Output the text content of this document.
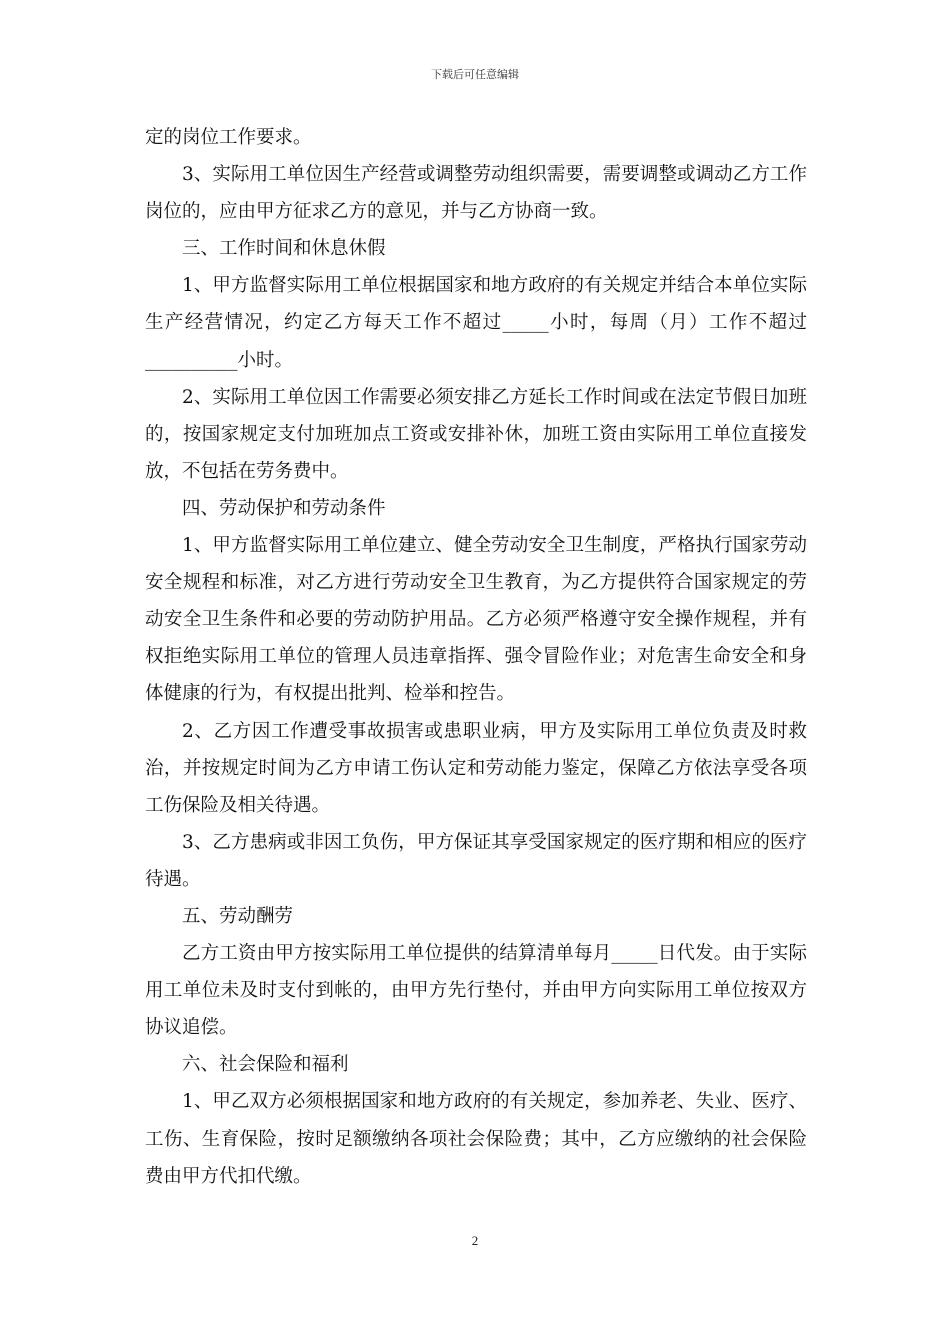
下载后可任意编辑

定的岗位工作要求。

3、实际用工单位因生产经营或调整劳动组织需要，需要调整或调动乙方工作岗位的，应由甲方征求乙方的意见，并与乙方协商一致。

三、工作时间和休息休假

1、甲方监督实际用工单位根据国家和地方政府的有关规定并结合本单位实际生产经营情况，约定乙方每天工作不超过_____小时，每周（月）工作不超过__________小时。

2、实际用工单位因工作需要必须安排乙方延长工作时间或在法定节假日加班的，按国家规定支付加班加点工资或安排补休，加班工资由实际用工单位直接发放，不包括在劳务费中。

四、劳动保护和劳动条件

1、甲方监督实际用工单位建立、健全劳动安全卫生制度，严格执行国家劳动安全规程和标准，对乙方进行劳动安全卫生教育，为乙方提供符合国家规定的劳动安全卫生条件和必要的劳动防护用品。乙方必须严格遵守安全操作规程，并有权拒绝实际用工单位的管理人员违章指挥、强令冒险作业；对危害生命安全和身体健康的行为，有权提出批判、检举和控告。

2、乙方因工作遭受事故损害或患职业病，甲方及实际用工单位负责及时救治，并按规定时间为乙方申请工伤认定和劳动能力鉴定，保障乙方依法享受各项工伤保险及相关待遇。

3、乙方患病或非因工负伤，甲方保证其享受国家规定的医疗期和相应的医疗待遇。

五、劳动酬劳

乙方工资由甲方按实际用工单位提供的结算清单每月_____日代发。由于实际用工单位未及时支付到帐的，由甲方先行垫付，并由甲方向实际用工单位按双方协议追偿。

六、社会保险和福利

1、甲乙双方必须根据国家和地方政府的有关规定，参加养老、失业、医疗、工伤、生育保险，按时足额缴纳各项社会保险费；其中，乙方应缴纳的社会保险费由甲方代扣代缴。

2
